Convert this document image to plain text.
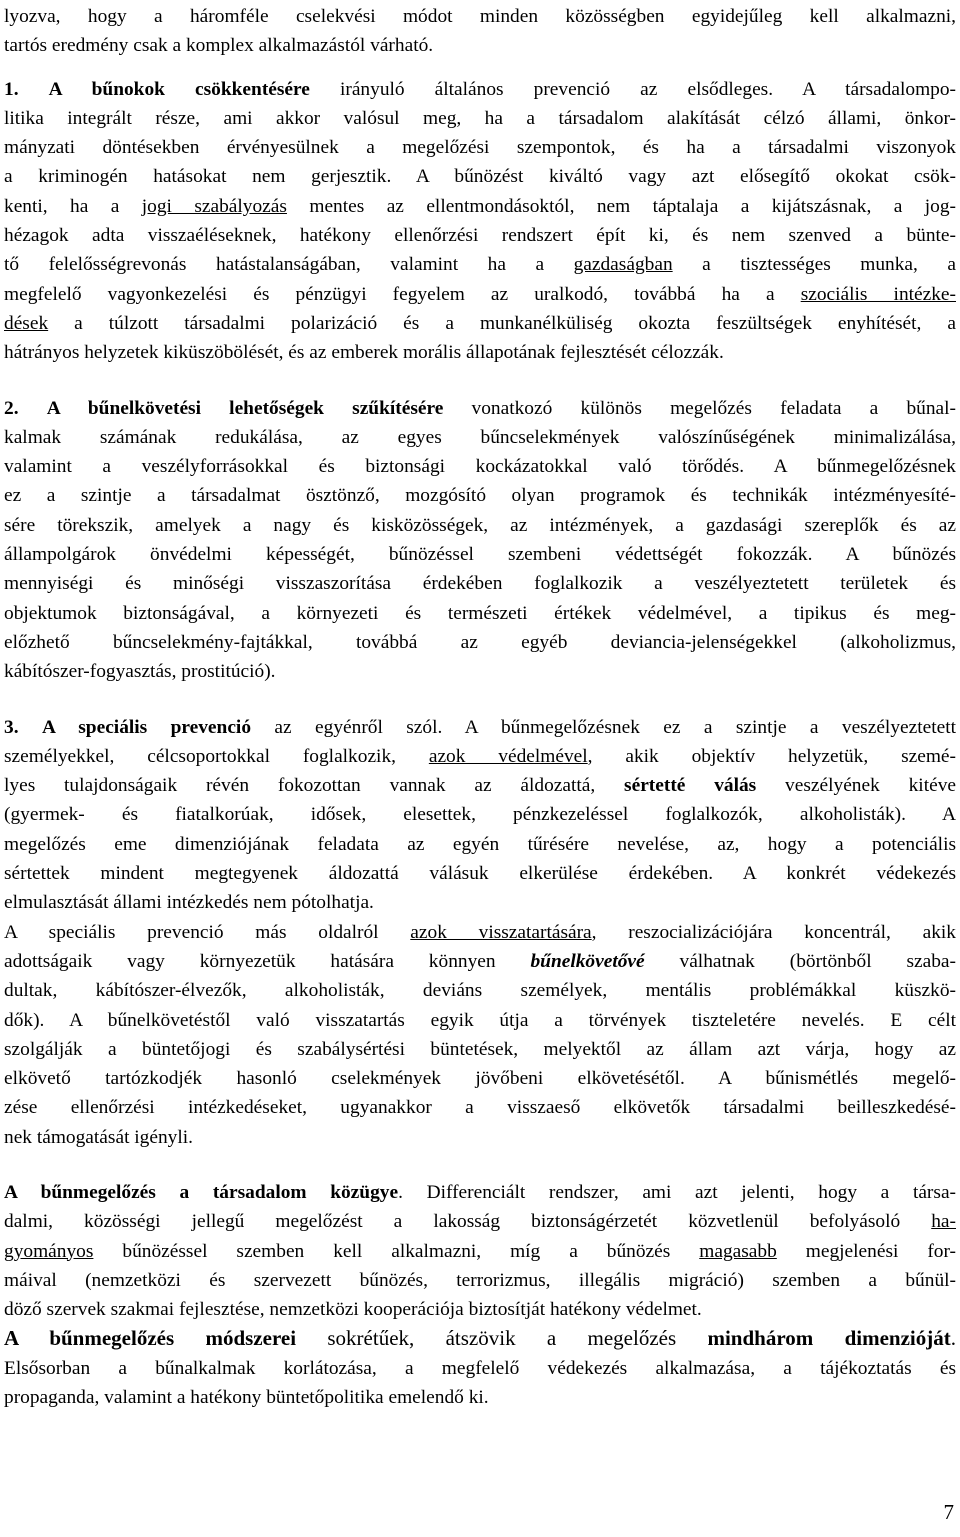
lyozva, hogy a háromféle cselekvési módot minden közösségben egyidejűleg kell alkalmazni,
tartós eredmény csak a komplex alkalmazástól várható.
1. A bűnokok csökkentésére irányuló általános prevenció az elsődleges. A társadalompo-
litika integrált része, ami akkor valósul meg, ha a társadalom alakítását célzó állami, önkor-
mányzati döntésekben érvényesülnek a megelőzési szempontok, és ha a társadalmi viszonyok
a kriminogén hatásokat nem gerjesztik. A bűnözést kiváltó vagy azt elősegítő okokat csök-
kenti, ha a jogi szabályozás mentes az ellentmondásoktól, nem táptalaja a kijátszásnak, a jog-
hézagok adta visszaéléseknek, hatékony ellenőrzési rendszert épít ki, és nem szenved a bünte-
tő felelősségrevonás hatástalanságában, valamint ha a gazdaságban a tisztességes munka, a
megfelelő vagyonkezelési és pénzügyi fegyelem az uralkodó, továbbá ha a szociális intézke-
dések a túlzott társadalmi polarizáció és a munkanélküliség okozta feszültségek enyhítését, a
hátrányos helyzetek kiküszöbölését, és az emberek morális állapotának fejlesztését célozzák.
2. A bűnelkövetési lehetőségek szűkítésére vonatkozó különös megelőzés feladata a bűnal-
kalmak számának redukálása, az egyes bűncselekmények valószínűségének minimalizálása,
valamint a veszélyforrásokkal és biztonsági kockázatokkal való törődés. A bűnmegelőzésnek
ez a szintje a társadalmat ösztönző, mozgósító olyan programok és technikák intézményesíté-
sére törekszik, amelyek a nagy és kisközösségek, az intézmények, a gazdasági szereplők és az
állampolgárok önvédelmi képességét, bűnözéssel szembeni védettségét fokozzák. A bűnözés
mennyiségi és minőségi visszaszorítása érdekében foglalkozik a veszélyeztetett területek és
objektumok biztonságával, a környezeti és természeti értékek védelmével, a tipikus és meg-
előzhető bűncselekmény-fajtákkal, továbbá az egyéb deviancia-jelenségekkel (alkoholizmus,
kábítószer-fogyasztás, prostitúció).
3. A speciális prevenció az egyénről szól. A bűnmegelőzésnek ez a szintje a veszélyeztetett
személyekkel, célcsoportokkal foglalkozik, azok védelmével, akik objektív helyzetük, szemé-
lyes tulajdonságaik révén fokozottan vannak az áldozattá, sértetté válás veszélyének kitéve
(gyermek- és fiatalkorúak, idősek, elesettek, pénzkezeléssel foglalkozók, alkoholisták). A
megelőzés eme dimenziójának feladata az egyén tűrésére nevelése, az, hogy a potenciális
sértettek mindent megtegyenek áldozattá válásuk elkerülése érdekében. A konkrét védekezés
elmulasztását állami intézkedés nem pótolhatja.
A speciális prevenció más oldalról azok visszatartására, reszocializációjára koncentrál, akik
adottságaik vagy környezetük hatására könnyen bűnelkövetővé válhatnak (börtönből szaba-
dultak, kábítószer-élvezők, alkoholisták, deviáns személyek, mentális problémákkal küszkö-
dők). A bűnelkövetéstől való visszatartás egyik útja a törvények tiszteletére nevelés. E célt
szolgálják a büntetőjogi és szabálysértési büntetések, melyektől az állam azt várja, hogy az
elkövető tartózkodjék hasonló cselekmények jövőbeni elkövetésétől. A bűnismétlés megelő-
zése ellenőrzési intézkedéseket, ugyanakkor a visszaeső elkövetők társadalmi beilleszkedésé-
nek támogatását igényli.
A bűnmegelőzés a társadalom közügye. Differenciált rendszer, ami azt jelenti, hogy a társa-
dalmi, közösségi jellegű megelőzést a lakosság biztonságérzetét közvetlenül befolyásoló ha-
gyományos bűnözéssel szemben kell alkalmazni, míg a bűnözés magasabb megjelenési for-
máival (nemzetközi és szervezett bűnözés, terrorizmus, illegális migráció) szemben a bűnül-
döző szervek szakmai fejlesztése, nemzetközi kooperációja biztosítját hatékony védelmet.
A bűnmegelőzés módszerei sokrétűek, átszövik a megelőzés mindhárom dimenzióját.
Elsősorban a bűnalkalmak korlátozása, a megfelelő védekezés alkalmazása, a tájékoztatás és
propaganda, valamint a hatékony büntetőpolitika emelendő ki.
7
